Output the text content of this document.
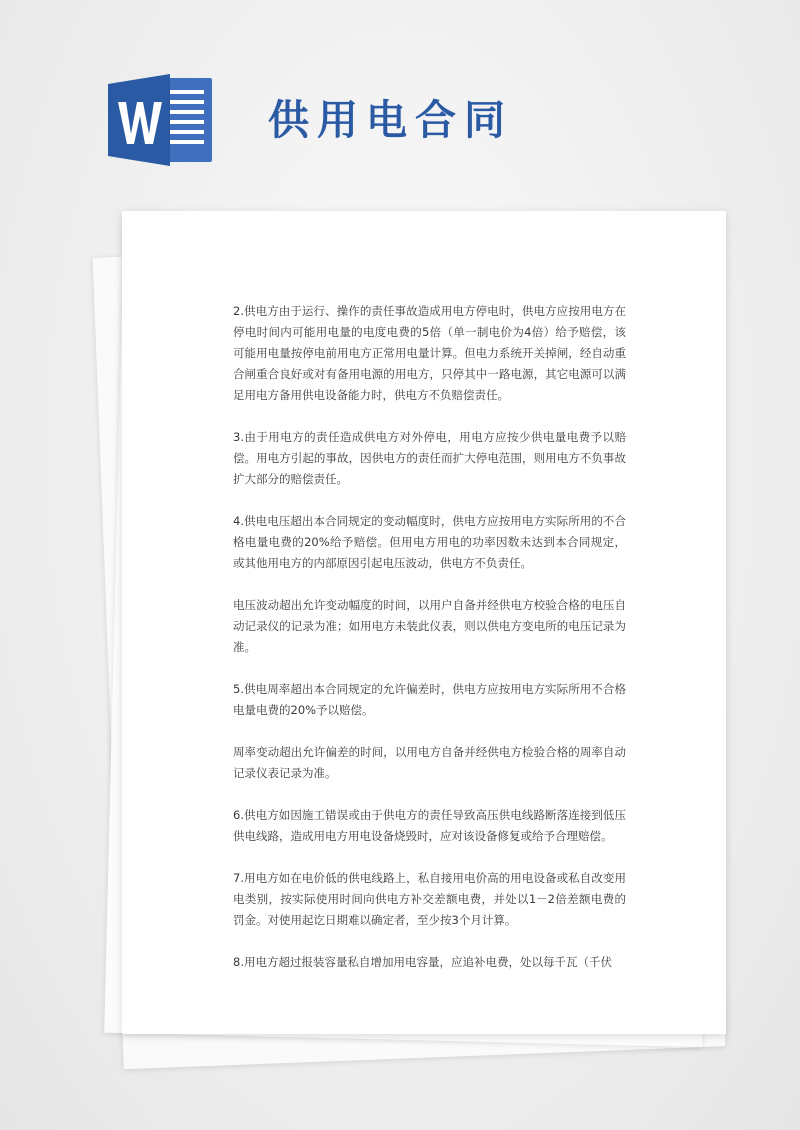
供用电合同

2.供电方由于运行、操作的责任事故造成用电方停电时，供电方应按用电方在停电时间内可能用电量的电度电费的5倍（单一制电价为4倍）给予赔偿，该可能用电量按停电前用电方正常用电量计算。但电力系统开关掉闸，经自动重合闸重合良好或对有备用电源的用电方，只停其中一路电源，其它电源可以满足用电方备用供电设备能力时，供电方不负赔偿责任。

3.由于用电方的责任造成供电方对外停电，用电方应按少供电量电费予以赔偿。用电方引起的事故，因供电方的责任而扩大停电范围，则用电方不负事故扩大部分的赔偿责任。

4.供电电压超出本合同规定的变动幅度时，供电方应按用电方实际所用的不合格电量电费的20%给予赔偿。但用电方用电的功率因数未达到本合同规定，或其他用电方的内部原因引起电压波动，供电方不负责任。

电压波动超出允许变动幅度的时间，以用户自备并经供电方校验合格的电压自动记录仪的记录为准；如用电方未装此仪表，则以供电方变电所的电压记录为准。

5.供电周率超出本合同规定的允许偏差时，供电方应按用电方实际所用不合格电量电费的20%予以赔偿。

周率变动超出允许偏差的时间，以用电方自备并经供电方检验合格的周率自动记录仪表记录为准。

6.供电方如因施工错误或由于供电方的责任导致高压供电线路断落连接到低压供电线路，造成用电方用电设备烧毁时，应对该设备修复或给予合理赔偿。

7.用电方如在电价低的供电线路上，私自接用电价高的用电设备或私自改变用电类别，按实际使用时间向供电方补交差额电费，并处以1－2倍差额电费的罚金。对使用起讫日期难以确定者，至少按3个月计算。

8.用电方超过报装容量私自增加用电容量，应追补电费，处以每千瓦（千伏
